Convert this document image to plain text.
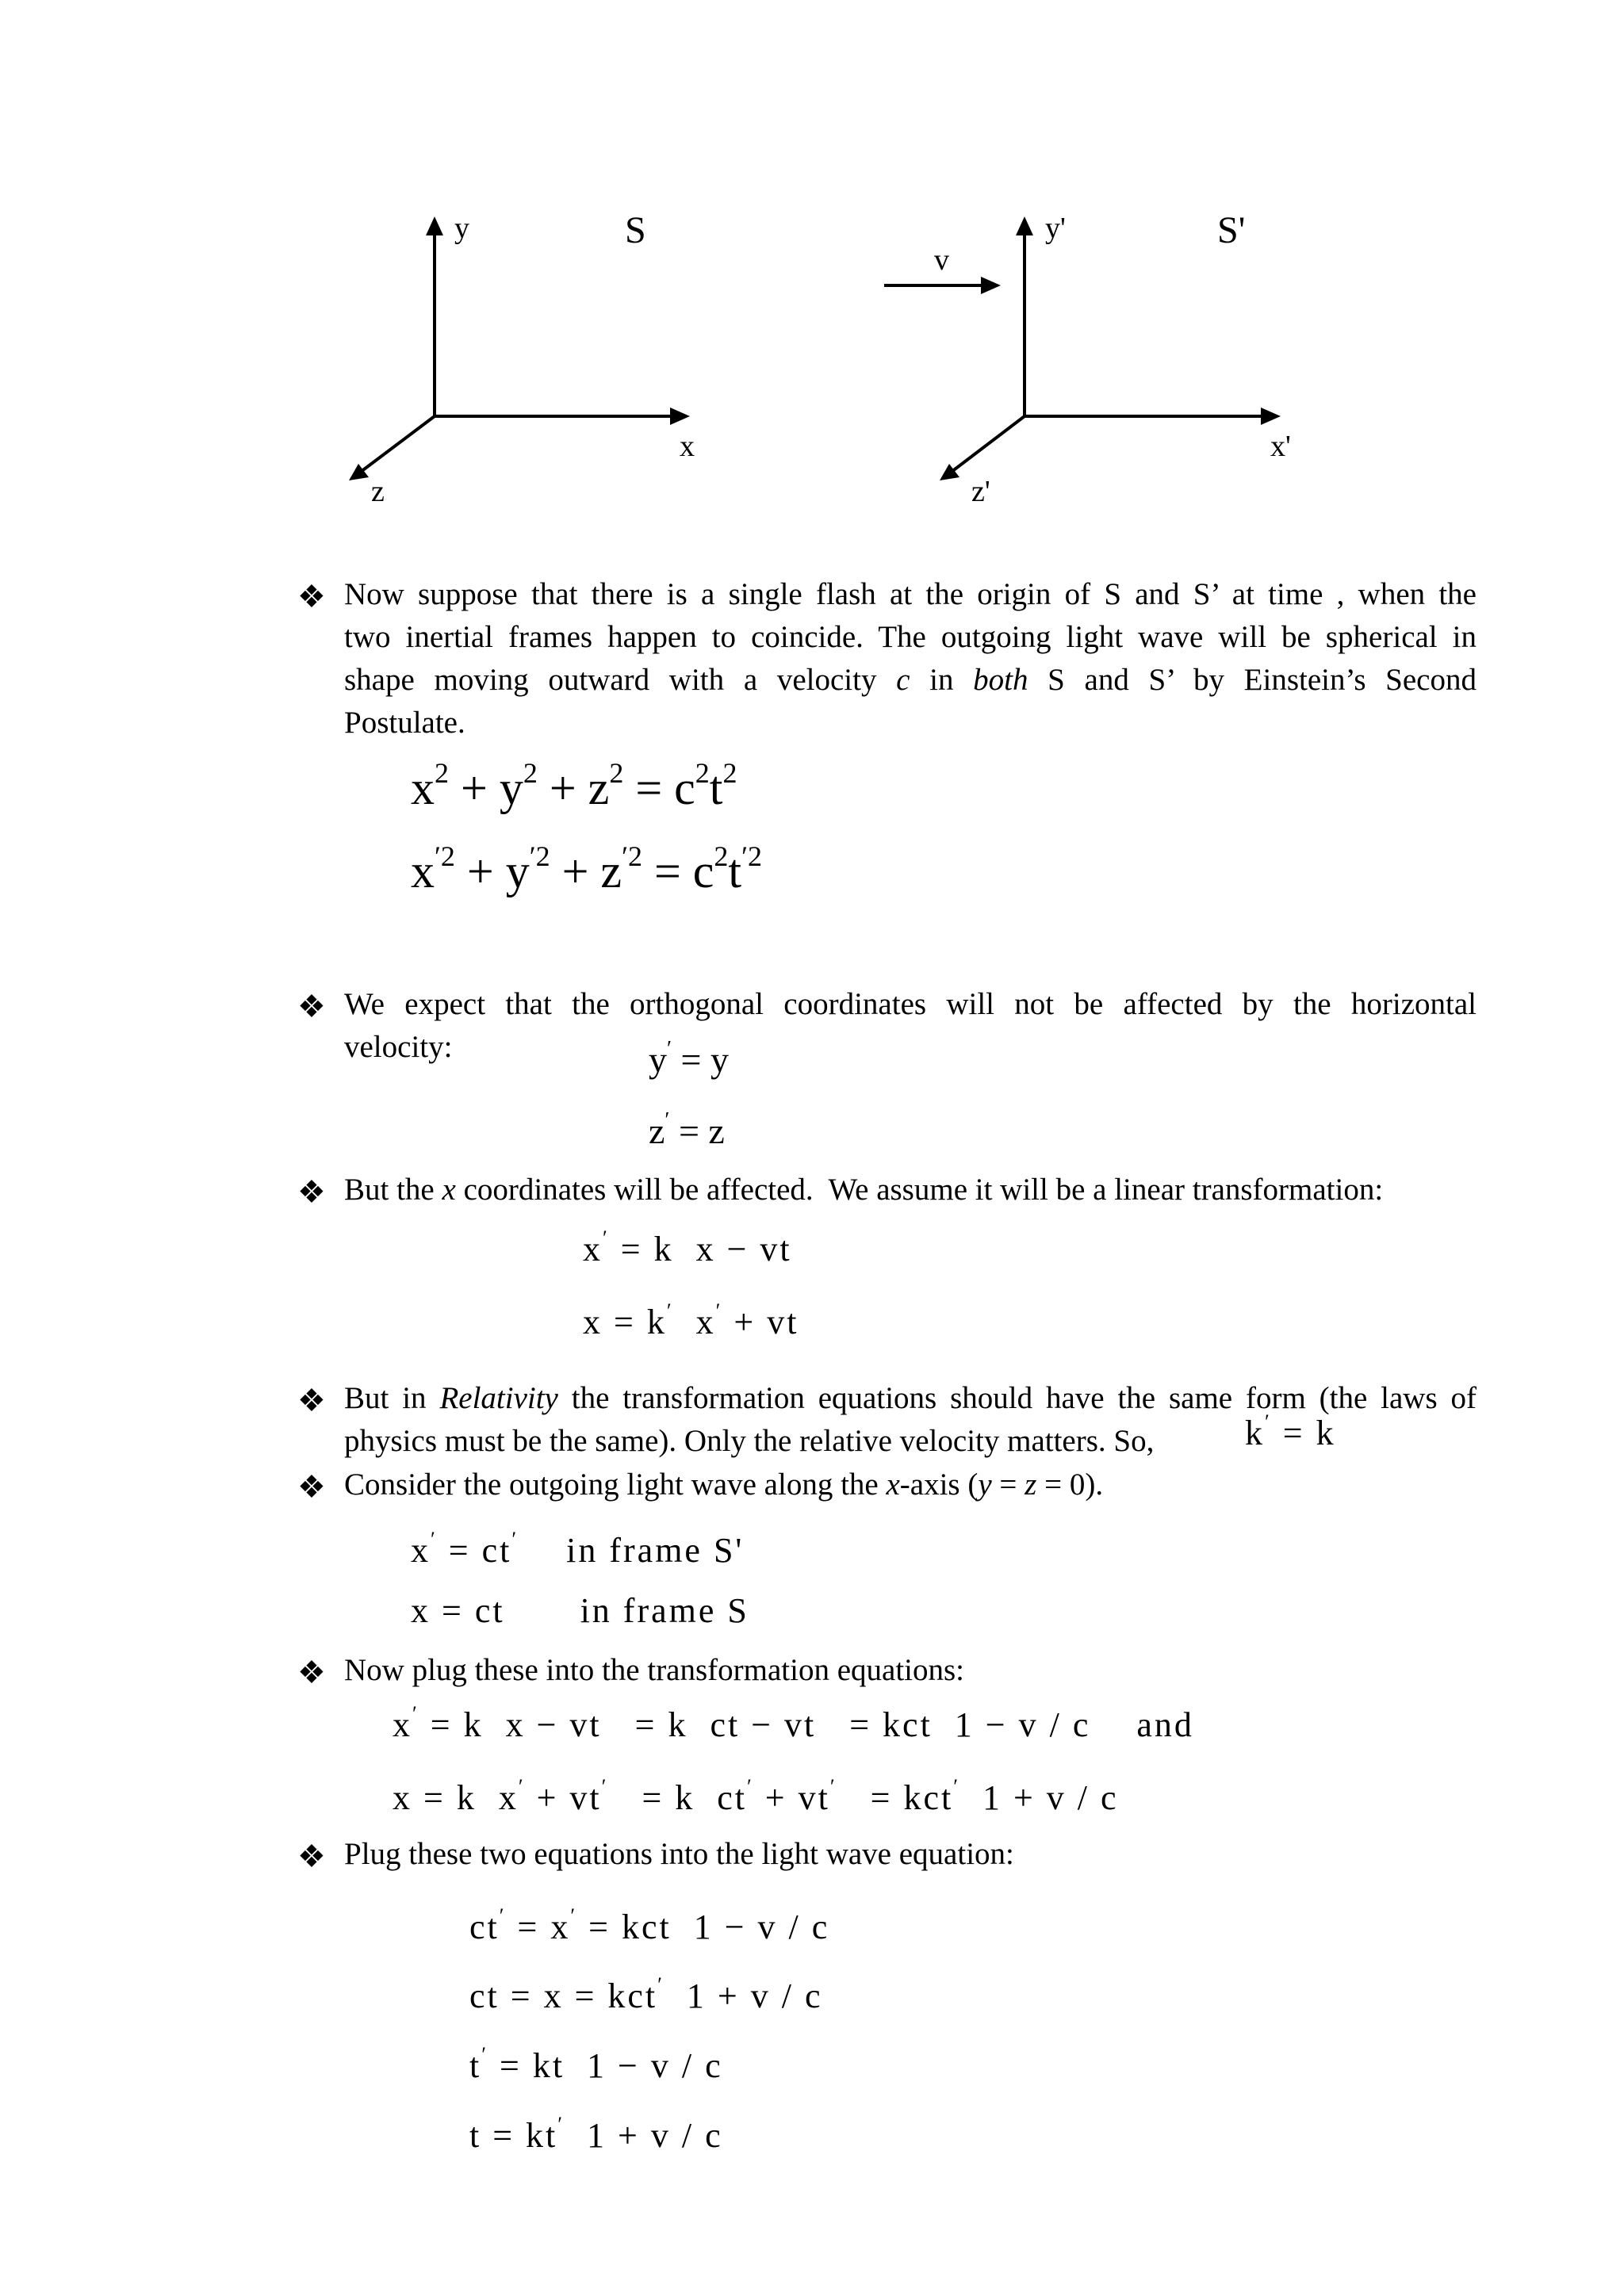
y
x
z
S
v
y'
x'
z'
S'
❖ Now suppose that there is a single flash at the origin of S and S’ at time , when the
two inertial frames happen to coincide. The outgoing light wave will be spherical in
shape moving outward with a velocity c in both S and S’ by Einstein’s Second
Postulate.
$x^2 + y^2 + z^2 = c^2t^2$
$x^{'2} + y^{'2} + z^{'2} = c^2t^{'2}$
❖ We expect that the orthogonal coordinates will not be affected by the horizontal
velocity:	y′ = y
z′ = z
❖ But the x coordinates will be affected.  We assume it will be a linear transformation:
x′ = k  x − vt
x = k′  x′ + vt
❖ But in Relativity the transformation equations should have the same form (the laws of
physics must be the same). Only the relative velocity matters. So,	k′ = k
❖ Consider the outgoing light wave along the x-axis (y = z = 0).
x′ = ct′ in frame S'
x = ct in frame S
❖ Now plug these into the transformation equations:
x′ = k  x − vt   = k  ct − vt   = kct  1 − v / c and
x = k  x′ + vt′   = k  ct′ + vt′   = kct′  1 + v / c
❖ Plug these two equations into the light wave equation:
ct′ = x′ = kct  1 − v / c
ct = x = kct′  1 + v / c
t′ = kt  1 − v / c
t = kt′  1 + v / c
